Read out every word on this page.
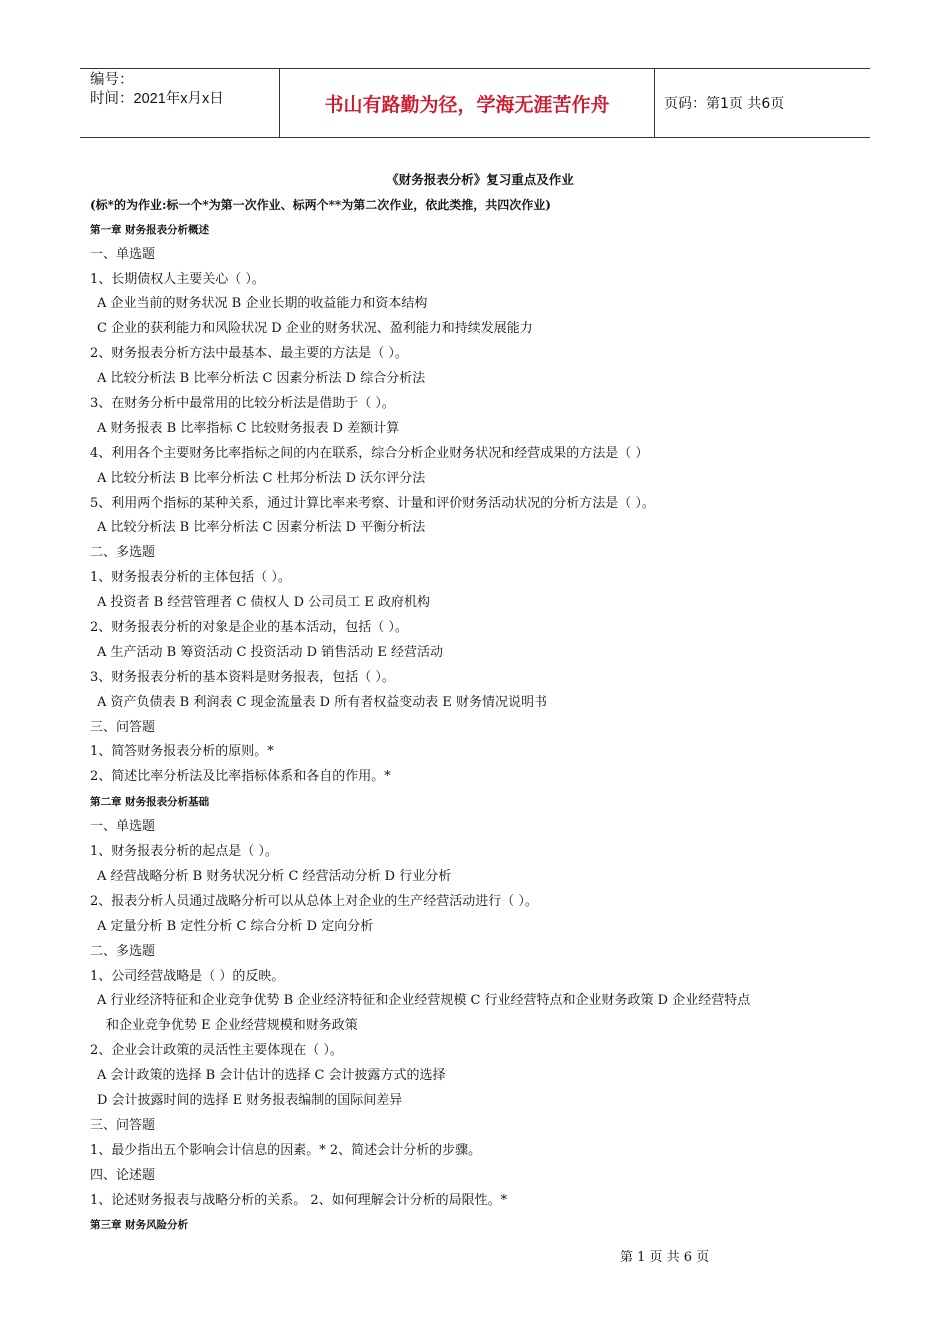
编号：
时间：2021年x月x日	书山有路勤为径，学海无涯苦作舟	页码：第1页 共6页
《财务报表分析》复习重点及作业
(标*的为作业:标一个*为第一次作业、标两个**为第二次作业，依此类推，共四次作业)
第一章 财务报表分析概述
一、单选题
1、长期债权人主要关心（ ）。
A 企业当前的财务状况 B 企业长期的收益能力和资本结构
C 企业的获利能力和风险状况 D 企业的财务状况、盈利能力和持续发展能力
2、财务报表分析方法中最基本、最主要的方法是（ ）。
A 比较分析法 B 比率分析法 C 因素分析法 D 综合分析法
3、在财务分析中最常用的比较分析法是借助于（ ）。
A 财务报表 B 比率指标 C 比较财务报表 D 差额计算
4、利用各个主要财务比率指标之间的内在联系，综合分析企业财务状况和经营成果的方法是（ ）
A 比较分析法 B 比率分析法 C 杜邦分析法 D 沃尔评分法
5、利用两个指标的某种关系，通过计算比率来考察、计量和评价财务活动状况的分析方法是（ ）。
A 比较分析法 B 比率分析法 C 因素分析法 D 平衡分析法
二、多选题
1、财务报表分析的主体包括（ ）。
A 投资者 B 经营管理者 C 债权人 D 公司员工 E 政府机构
2、财务报表分析的对象是企业的基本活动，包括（ ）。
A 生产活动 B 筹资活动 C 投资活动 D 销售活动 E 经营活动
3、财务报表分析的基本资料是财务报表，包括（ ）。
A 资产负债表 B 利润表 C 现金流量表 D 所有者权益变动表 E 财务情况说明书
三、问答题
1、简答财务报表分析的原则。*
2、简述比率分析法及比率指标体系和各自的作用。*
第二章 财务报表分析基础
一、单选题
1、财务报表分析的起点是（ ）。
A 经营战略分析 B 财务状况分析 C 经营活动分析 D 行业分析
2、报表分析人员通过战略分析可以从总体上对企业的生产经营活动进行（ ）。
A 定量分析 B 定性分析 C 综合分析 D 定向分析
二、多选题
1、公司经营战略是（ ）的反映。
A 行业经济特征和企业竞争优势 B 企业经济特征和企业经营规模 C 行业经营特点和企业财务政策 D 企业经营特点
和企业竞争优势 E 企业经营规模和财务政策
2、企业会计政策的灵活性主要体现在（ ）。
A 会计政策的选择 B 会计估计的选择 C 会计披露方式的选择
D 会计披露时间的选择 E 财务报表编制的国际间差异
三、问答题
1、最少指出五个影响会计信息的因素。* 2、简述会计分析的步骤。
四、论述题
1、论述财务报表与战略分析的关系。 2、如何理解会计分析的局限性。*
第三章 财务风险分析
第 1 页 共 6 页
